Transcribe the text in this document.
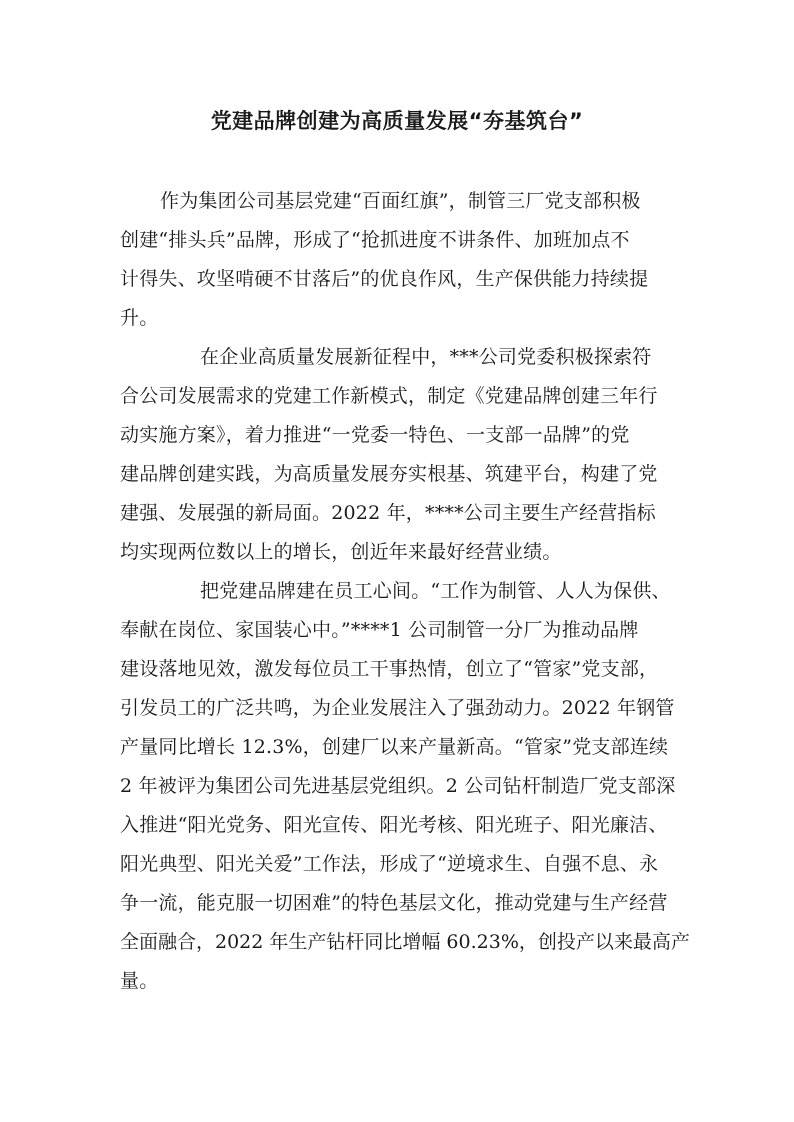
党建品牌创建为高质量发展“夯基筑台”
作为集团公司基层党建“百面红旗”，制管三厂党支部积极
创建“排头兵”品牌，形成了“抢抓进度不讲条件、加班加点不
计得失、攻坚啃硬不甘落后”的优良作风，生产保供能力持续提
升。
在企业高质量发展新征程中，***公司党委积极探索符
合公司发展需求的党建工作新模式，制定《党建品牌创建三年行
动实施方案》，着力推进“一党委一特色、一支部一品牌”的党
建品牌创建实践，为高质量发展夯实根基、筑建平台，构建了党
建强、发展强的新局面。2022 年，****公司主要生产经营指标
均实现两位数以上的增长，创近年来最好经营业绩。
把党建品牌建在员工心间。“工作为制管、人人为保供、
奉献在岗位、家国装心中。”****1 公司制管一分厂为推动品牌
建设落地见效，激发每位员工干事热情，创立了“管家”党支部，
引发员工的广泛共鸣，为企业发展注入了强劲动力。2022 年钢管
产量同比增长 12.3%，创建厂以来产量新高。“管家”党支部连续
2 年被评为集团公司先进基层党组织。2 公司钻杆制造厂党支部深
入推进“阳光党务、阳光宣传、阳光考核、阳光班子、阳光廉洁、
阳光典型、阳光关爱”工作法，形成了“逆境求生、自强不息、永
争一流，能克服一切困难”的特色基层文化，推动党建与生产经营
全面融合，2022 年生产钻杆同比增幅 60.23%，创投产以来最高产
量。
